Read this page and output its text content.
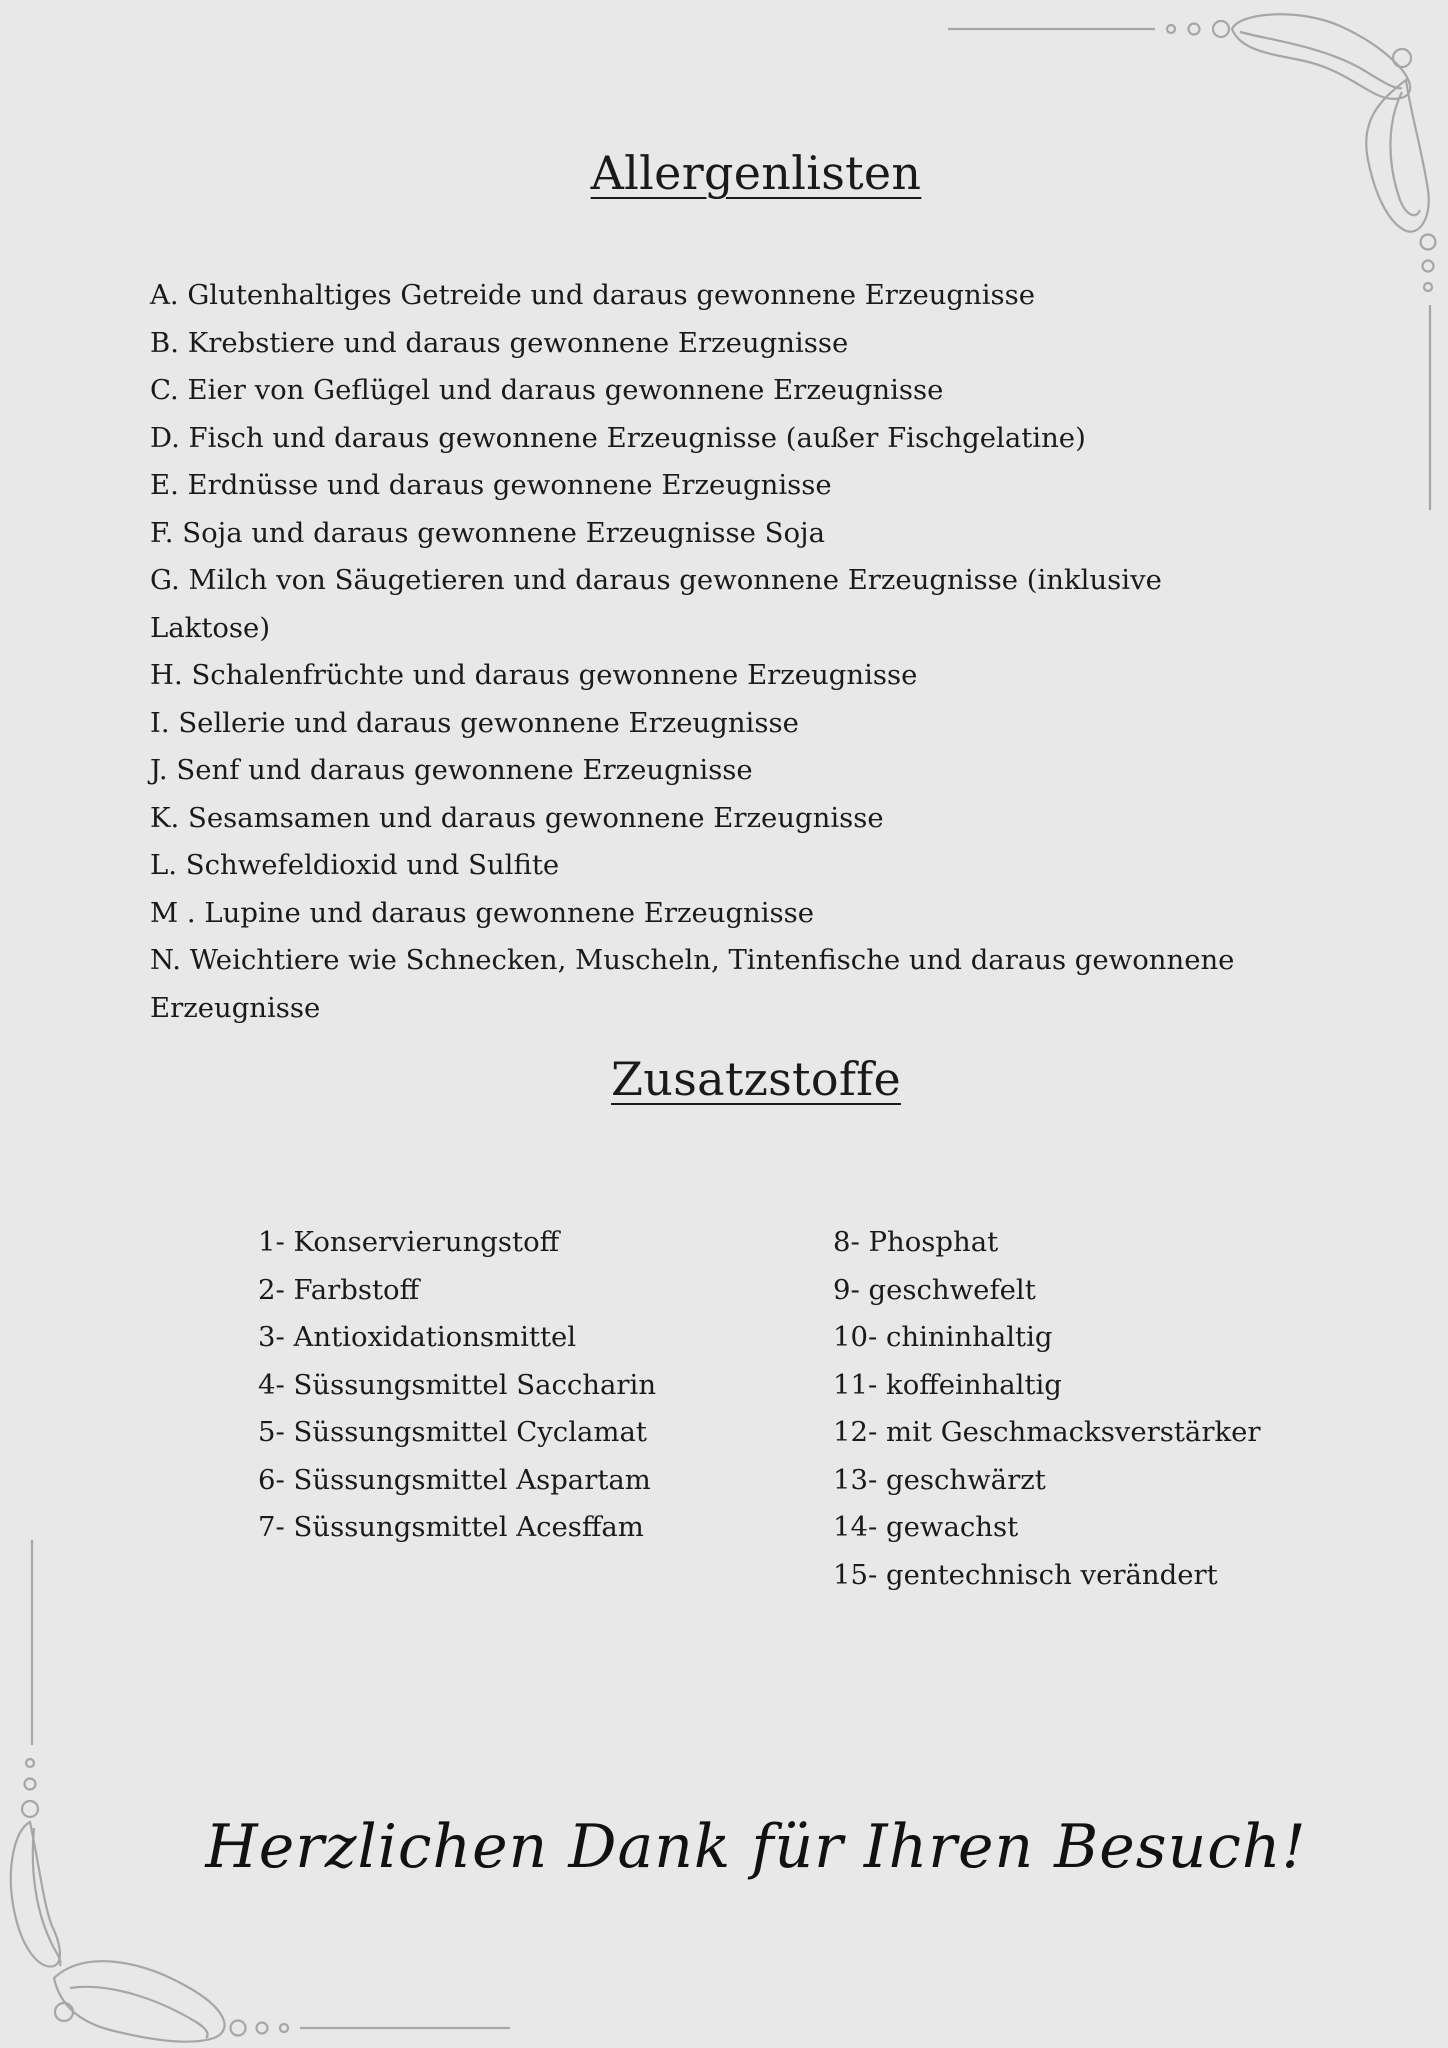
Allergenlisten
A. Glutenhaltiges Getreide und daraus gewonnene Erzeugnisse
B. Krebstiere und daraus gewonnene Erzeugnisse
C. Eier von Geflügel und daraus gewonnene Erzeugnisse
D. Fisch und daraus gewonnene Erzeugnisse (außer Fischgelatine)
E. Erdnüsse und daraus gewonnene Erzeugnisse
F. Soja und daraus gewonnene Erzeugnisse Soja
G. Milch von Säugetieren und daraus gewonnene Erzeugnisse (inklusive Laktose)
H. Schalenfrüchte und daraus gewonnene Erzeugnisse
I. Sellerie und daraus gewonnene Erzeugnisse
J. Senf und daraus gewonnene Erzeugnisse
K. Sesamsamen und daraus gewonnene Erzeugnisse
L. Schwefeldioxid und Sulfite
M . Lupine und daraus gewonnene Erzeugnisse
N. Weichtiere wie Schnecken, Muscheln, Tintenfische und daraus gewonnene Erzeugnisse
Zusatzstoffe
1- Konservierungstoff
2- Farbstoff
3- Antioxidationsmittel
4- Süssungsmittel Saccharin
5- Süssungsmittel Cyclamat
6- Süssungsmittel Aspartam
7- Süssungsmittel Acesffam
8- Phosphat
9- geschwefelt
10- chininhaltig
11- koffeinhaltig
12- mit Geschmacksverstärker
13- geschwärzt
14- gewachst
15- gentechnisch verändert

Herzlichen Dank für Ihren Besuch!
